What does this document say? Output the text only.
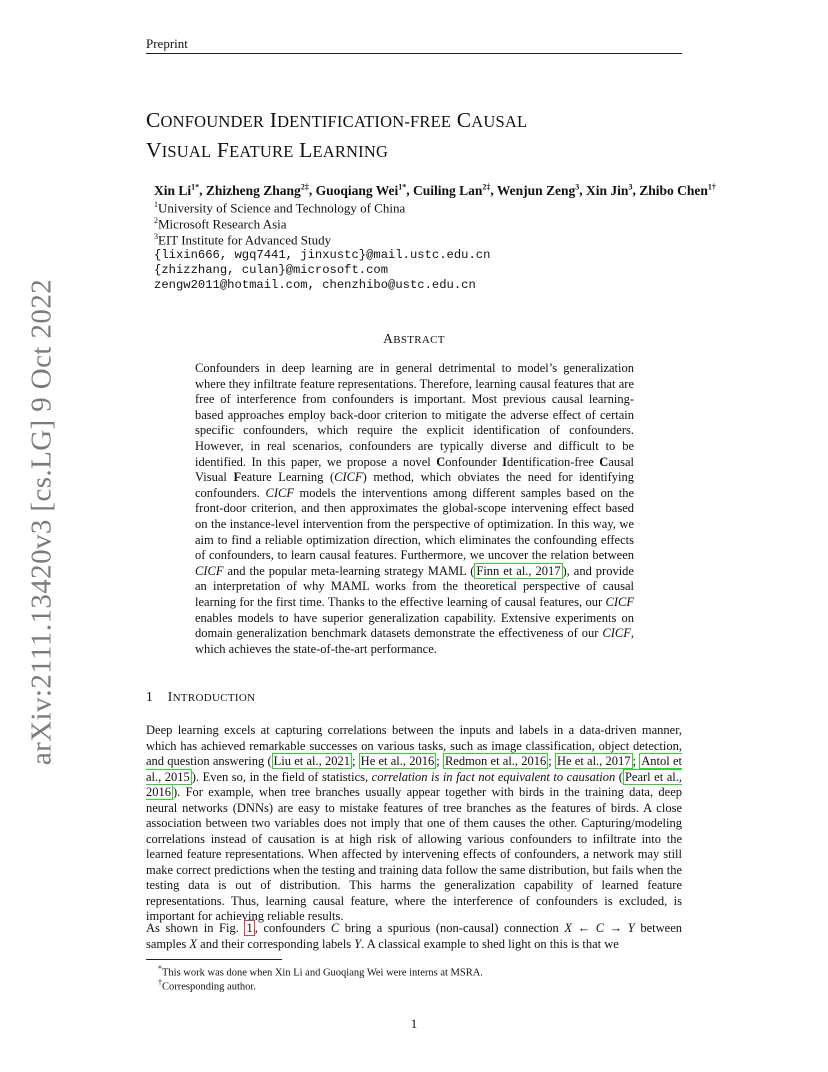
Preprint
arXiv:2111.13420v3 [cs.LG] 9 Oct 2022
CONFOUNDER IDENTIFICATION-FREE CAUSAL
VISUAL FEATURE LEARNING
Xin $Li^{1*}$, Zhizheng Zhang$^{2\ddagger}$, Guoqiang Wei$^{1*}$, Cuiling Lan$^{2\ddagger}$, Wenjun Zeng$^3$, Xin Jin$^3$, Zhibo Chen$^{1\dagger}$
$^1$University of Science and Technology of China
$^2$Microsoft Research Asia
$^3$EIT Institute for Advanced Study
{lixin666, wgq7441, jinxustc}@mail.ustc.edu.cn
{zhizzhang, culan}@microsoft.com
zengw2011@hotmail.com, chenzhibo@ustc.edu.cn
ABSTRACT
Confounders in deep learning are in general detrimental to model’s generalization where they infiltrate feature representations. Therefore, learning causal features that are free of interference from confounders is important. Most previous causal learning-based approaches employ back-door criterion to mitigate the adverse effect of certain specific confounders, which require the explicit identification of confounders. However, in real scenarios, confounders are typically diverse and difficult to be identified. In this paper, we propose a novel Confounder Identification-free Causal Visual Feature Learning (CICF) method, which obviates the need for identifying confounders. CICF models the interventions among different samples based on the front-door criterion, and then approximates the global-scope intervening effect based on the instance-level intervention from the perspective of optimization. In this way, we aim to find a reliable optimization direction, which eliminates the confounding effects of confounders, to learn causal features. Furthermore, we uncover the relation between CICF and the popular meta-learning strategy MAML ( Finn et al., 2017 ), and provide an interpretation of why MAML works from the theoretical perspective of causal learning for the first time. Thanks to the effective learning of causal features, our CICF enables models to have superior generalization capability. Extensive experiments on domain generalization benchmark datasets demonstrate the effectiveness of our CICF, which achieves the state-of-the-art performance.
1 INTRODUCTION
Deep learning excels at capturing correlations between the inputs and labels in a data-driven manner, which has achieved remarkable successes on various tasks, such as image classification, object detection, and question answering ( Liu et al., 2021 ; He et al., 2016 ; Redmon et al., 2016 ; He et al., 2017 ; Antol et al., 2015 ). Even so, in the field of statistics, correlation is in fact not equivalent to causation ( Pearl et al., 2016 ). For example, when tree branches usually appear together with birds in the training data, deep neural networks (DNNs) are easy to mistake features of tree branches as the features of birds. A close association between two variables does not imply that one of them causes the other. Capturing/modeling correlations instead of causation is at high risk of allowing various confounders to infiltrate into the learned feature representations. When affected by intervening effects of confounders, a network may still make correct predictions when the testing and training data follow the same distribution, but fails when the testing data is out of distribution. This harms the generalization capability of learned feature representations. Thus, learning causal feature, where the interference of confounders is excluded, is important for achieving reliable results.
As shown in Fig. 1 , confounders C bring a spurious (non-causal) connection X ← C → Y between samples X and their corresponding labels Y. A classical example to shed light on this is that we
*This work was done when Xin Li and Guoqiang Wei were interns at MSRA.
†Corresponding author.
1
